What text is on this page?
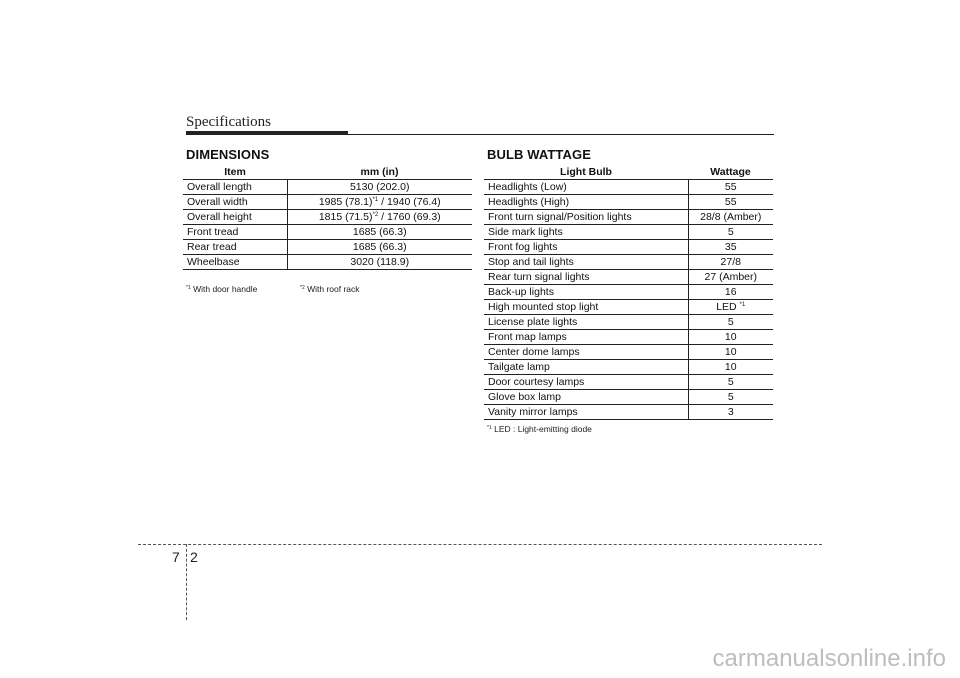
Specifications
DIMENSIONS
Item	mm (in)
Overall length	5130 (202.0)
Overall width	1985 (78.1)$^{*1}$ / 1940 (76.4)
Overall height	1815 (71.5)$^{*2}$ / 1760 (69.3)
Front tread	1685 (66.3)
Rear tread	1685 (66.3)
Wheelbase	3020 (118.9)
$^{*1}$ With door handle	$^{*2}$ With roof rack
BULB WATTAGE
Light Bulb	Wattage
Headlights (Low)	55
Headlights (High)	55
Front turn signal/Position lights	28/8 (Amber)
Side mark lights	5
Front fog lights	35
Stop and tail lights	27/8
Rear turn signal lights	27 (Amber)
Back-up lights	16
High mounted stop light	LED $^{*1}$
License plate lights	5
Front map lamps	10
Center dome lamps	10
Tailgate lamp	10
Door courtesy lamps	5
Glove box lamp	5
Vanity mirror lamps	3
$^{*1}$ LED : Light-emitting diode
7 2
carmanualsonline.info
